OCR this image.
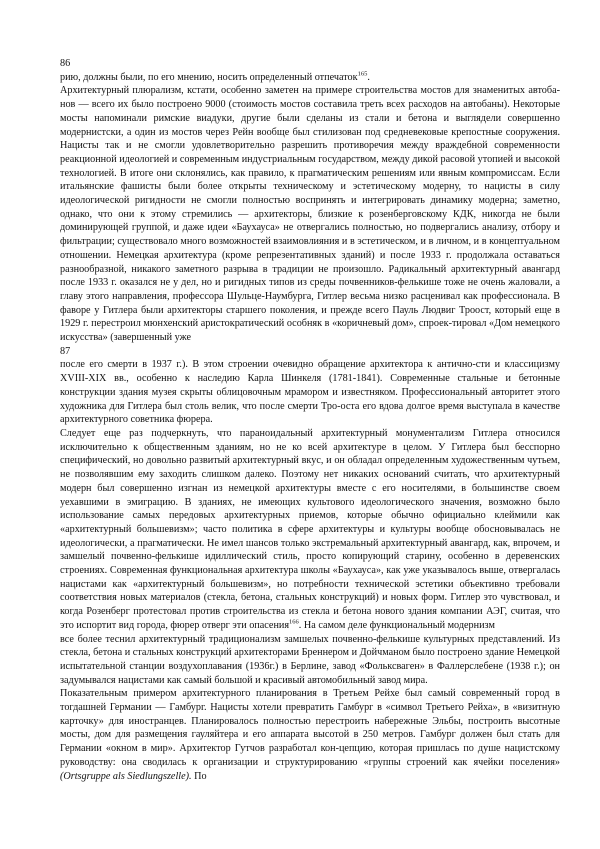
86

рию, должны были, по его мнению, носить определенный отпечаток$^{165}$.

Архитектурный плюрализм, кстати, особенно заметен на примере строительства мостов для знаменитых автоба-нов — всего их было построено 9000 (стоимость мостов составила треть всех расходов на автобаны). Некоторые мосты напоминали римские виадуки, другие были сделаны из стали и бетона и выглядели совершенно модернистски, а один из мостов через Рейн вообще был стилизован под средневековые крепостные сооружения. Нацисты так и не смогли удовлетворительно разрешить противоречия между враждебной современности реакционной идеологией и современным индустриальным государством, между дикой расовой утопией и высокой технологией. В итоге они склонялись, как правило, к прагматическим решениям или явным компромиссам. Если итальянские фашисты были более открыты техническому и эстетическому модерну, то нацисты в силу идеологической ригидности не смогли полностью воспринять и интегрировать динамику модерна; заметно, однако, что они к этому стремились — архитекторы, близкие к розенберговскому КДК, никогда не были доминирующей группой, и даже идеи «Баухауса» не отвергались полностью, но подвергались анализу, отбору и фильтрации; существовало много возможностей взаимовлияния и в эстетическом, и в личном, и в концептуальном отношении. Немецкая архитектура (кроме репрезентативных зданий) и после 1933 г. продолжала оставаться разнообразной, никакого заметного разрыва в традиции не произошло. Радикальный архитектурный авангард после 1933 г. оказался не у дел, но и ригидных типов из среды почвенников-фелькише тоже не очень жаловали, а главу этого направления, профессора Шульце-Наумбурга, Гитлер весьма низко расценивал как профессионала. В фаворе у Гитлера были архитекторы старшего поколения, и прежде всего Пауль Людвиг Троост, который еще в 1929 г. перестроил мюнхенский аристократический особняк в «коричневый дом», спроек-тировал «Дом немецкого искусства» (завершенный уже

87

после его смерти в 1937 г.). В этом строении очевидно обращение архитектора к антично-сти и классицизму XVIII-XIX вв., особенно к наследию Карла Шинкеля (1781-1841). Современные стальные и бетонные конструкции здания музея скрыты облицовочным мрамором и известняком. Профессиональный авторитет этого художника для Гитлера был столь велик, что после смерти Тро-оста его вдова долгое время выступала в качестве архитектурного советника фюрера.

Следует еще раз подчеркнуть, что параноидальный архитектурный монументализм Гитлера относился исключительно к общественным зданиям, но не ко всей архитектуре в целом. У Гитлера был бесспорно специфический, но довольно развитый архитектурный вкус, и он обладал определенным художественным чутьем, не позволявшим ему заходить слишком далеко. Поэтому нет никаких оснований считать, что архитектурный модерн был совершенно изгнан из немецкой архитектуры вместе с его носителями, в большинстве своем уехавшими в эмиграцию. В зданиях, не имеющих культового идеологического значения, возможно было использование самых передовых архитектурных приемов, которые обычно официально клеймили как «архитектурный большевизм»; часто политика в сфере архитектуры и культуры вообще обосновывалась не идеологически, а прагматически. Не имел шансов только экстремальный архитектурный авангард, как, впрочем, и замшелый почвенно-фелькише идиллический стиль, просто копирующий старину, особенно в деревенских строениях. Современная функциональная архитектура школы «Баухауса», как уже указывалось выше, отвергалась нацистами как «архитектурный большевизм», но потребности технической эстетики объективно требовали соответствия новых материалов (стекла, бетона, стальных конструкций) и новых форм. Гитлер это чувствовал, и когда Розенберг протестовал против строительства из стекла и бетона нового здания компании АЭГ, считая, что это испортит вид города, фюрер отверг эти опасения$^{166}$. На самом деле функциональный модернизм

все более теснил архитектурный традиционализм замшелых почвенно-фелькише культурных представлений. Из стекла, бетона и стальных конструкций архитекторами Бреннером и Дойчманом было построено здание Немецкой испытательной станции воздухоплавания (1936г.) в Берлине, завод «Фольксваген» в Фаллерслебене (1938 г.); он задумывался нацистами как самый большой и красивый автомобильный завод мира.

Показательным примером архитектурного планирования в Третьем Рейхе был самый современный город в тогдашней Германии — Гамбург. Нацисты хотели превратить Гамбург в «символ Третьего Рейха», в «визитную карточку» для иностранцев. Планировалось полностью перестроить набережные Эльбы, построить высотные мосты, дом для размещения гауляйтера и его аппарата высотой в 250 метров. Гамбург должен был стать для Германии «окном в мир». Архитектор Гутчов разработал кон-цепцию, которая пришлась по душе нацистскому руководству: она сводилась к организации и структурированию «группы строений как ячейки поселения» (Ortsgruppe als Siedlungszelle). По
